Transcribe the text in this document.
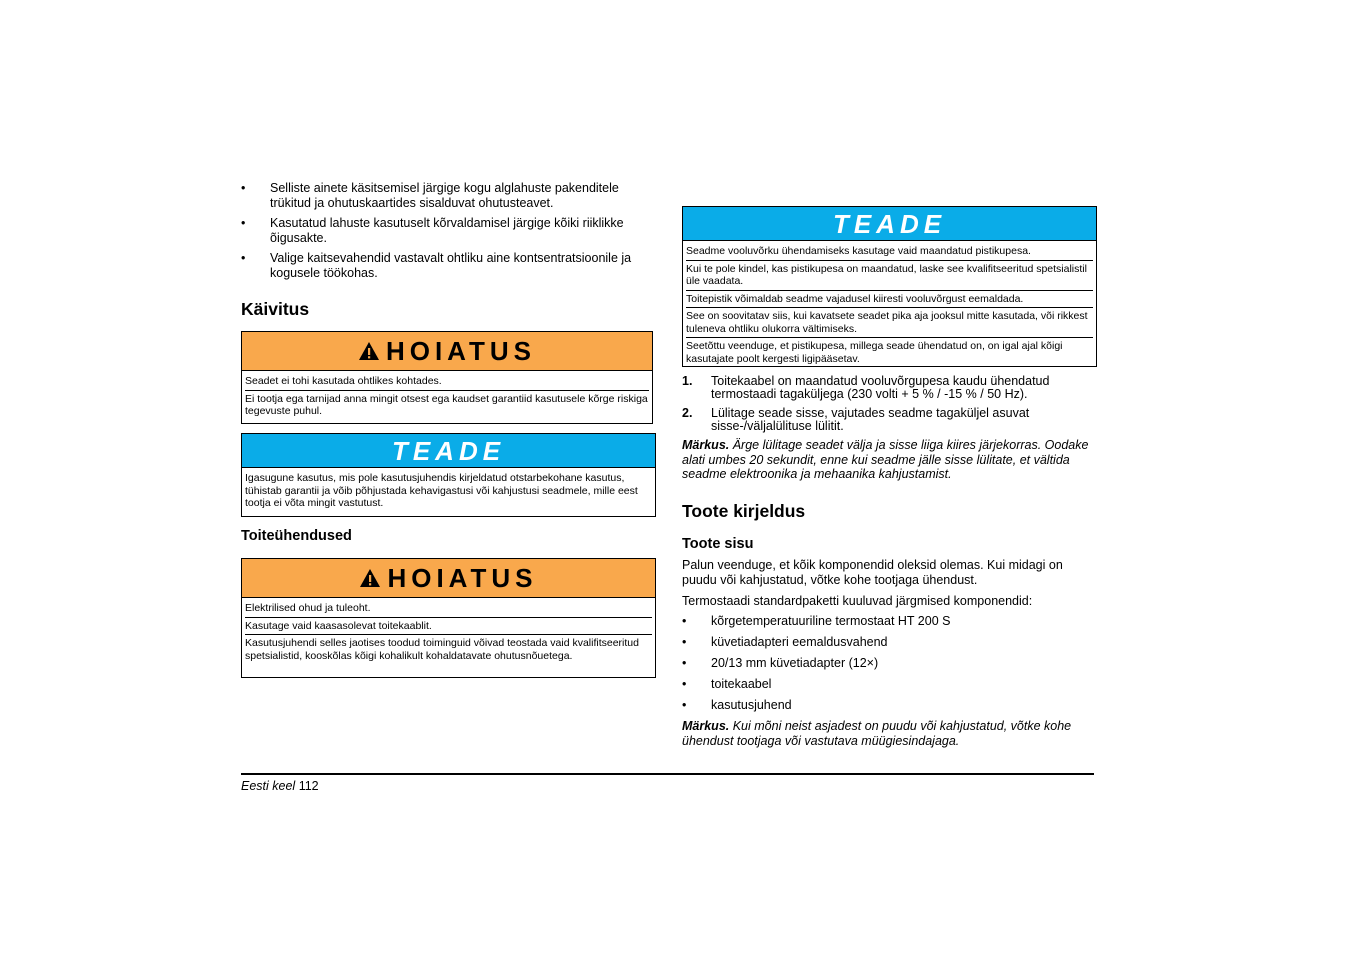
• Selliste ainete käsitsemisel järgige kogu alglahuste pakenditele trükitud ja ohutuskaartides sisalduvat ohutusteavet.
• Kasutatud lahuste kasutuselt kõrvaldamisel järgige kõiki riiklikke õigusakte.
• Valige kaitsevahendid vastavalt ohtliku aine kontsentratsioonile ja kogusele töökohas.
Käivitus
HOIATUS

Seadet ei tohi kasutada ohtlikes kohtades.

Ei tootja ega tarnijad anna mingit otsest ega kaudset garantiid kasutusele kõrge riskiga tegevuste puhul.

TEADE

Igasugune kasutus, mis pole kasutusjuhendis kirjeldatud otstarbekohane kasutus, tühistab garantii ja võib põhjustada kehavigastusi või kahjustusi seadmele, mille eest tootja ei võta mingit vastutust.

Toiteühendused
HOIATUS

Elektrilised ohud ja tuleoht.

Kasutage vaid kaasasolevat toitekaablit.

Kasutusjuhendi selles jaotises toodud toiminguid võivad teostada vaid kvalifitseeritud spetsialistid, kooskõlas kõigi kohalikult kohaldatavate ohutusnõuetega.

TEADE

Seadme vooluvõrku ühendamiseks kasutage vaid maandatud pistikupesa.

Kui te pole kindel, kas pistikupesa on maandatud, laske see kvalifitseeritud spetsialistil üle vaadata.

Toitepistik võimaldab seadme vajadusel kiiresti vooluvõrgust eemaldada.

See on soovitatav siis, kui kavatsete seadet pika aja jooksul mitte kasutada, või rikkest tuleneva ohtliku olukorra vältimiseks.

Seetõttu veenduge, et pistikupesa, millega seade ühendatud on, on igal ajal kõigi kasutajate poolt kergesti ligipääsetav.

1. Toitekaabel on maandatud vooluvõrgupesa kaudu ühendatud termostaadi tagaküljega (230 volti + 5 % / -15 % / 50 Hz).
2. Lülitage seade sisse, vajutades seadme tagaküljel asuvat sisse-/väljalülituse lülitit.

Märkus. Ärge lülitage seadet välja ja sisse liiga kiires järjekorras. Oodake alati umbes 20 sekundit, enne kui seadme jälle sisse lülitate, et vältida seadme elektroonika ja mehaanika kahjustamist.

Toote kirjeldus
Toote sisu

Palun veenduge, et kõik komponendid oleksid olemas. Kui midagi on puudu või kahjustatud, võtke kohe tootjaga ühendust.

Termostaadi standardpaketti kuuluvad järgmised komponendid:

• kõrgetemperatuuriline termostaat HT 200 S
• küvetiadapteri eemaldusvahend
• 20/13 mm küvetiadapter (12×)
• toitekaabel
• kasutusjuhend

Märkus. Kui mõni neist asjadest on puudu või kahjustatud, võtke kohe ühendust tootjaga või vastutava müügiesindajaga.

Eesti keel 112
